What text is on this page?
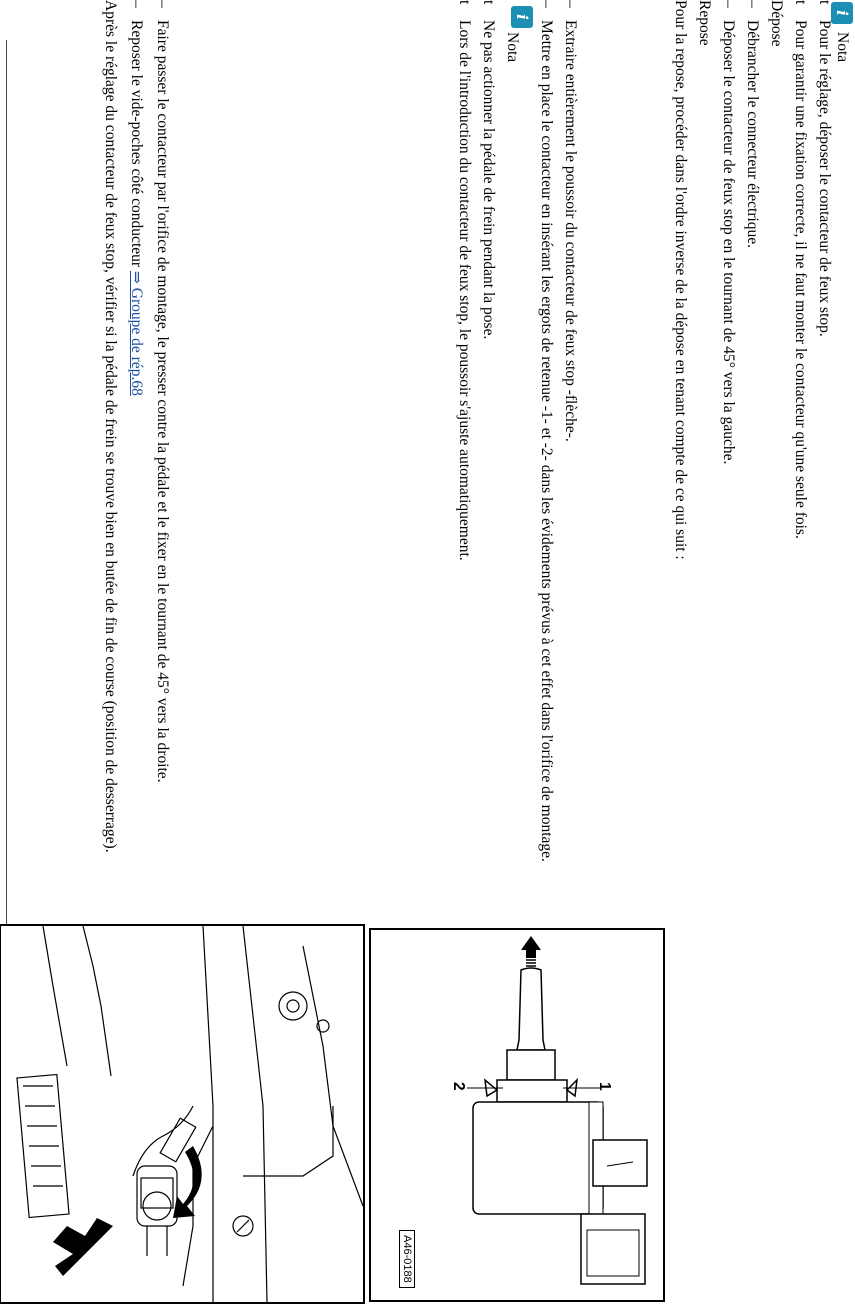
i
Nota
t
Pour le réglage, déposer le contacteur de feux stop.
t
Pour garantir une fixation correcte, il ne faut monter le contacteur qu'une seule fois.
Dépose
–
Débrancher le connecteur électrique.
–
Déposer le contacteur de feux stop en le tournant de 45° vers la gauche.
Repose
Pour la repose, procéder dans l'ordre inverse de la dépose en tenant compte de ce qui suit :
–
Extraire entièrement le poussoir du contacteur de feux stop -flèche-.
–
Mettre en place le contacteur en insérant les ergots de retenue -1- et -2- dans les évidements prévus à cet effet dans l'orifice de montage.
i
Nota
t
Ne pas actionner la pédale de frein pendant la pose.
t
Lors de l'introduction du contacteur de feux stop, le poussoir s'ajuste automatiquement.
–
Faire passer le contacteur par l'orifice de montage, le presser contre la pédale et le fixer en le tournant de 45° vers la droite.
–
Reposer le vide-poches côté conducteur ⇒ Groupe de rép.68
Après le réglage du contacteur de feux stop, vérifier si la pédale de frein se trouve bien en butée de fin de course (position de desserrage).
1
2
A46-0188
